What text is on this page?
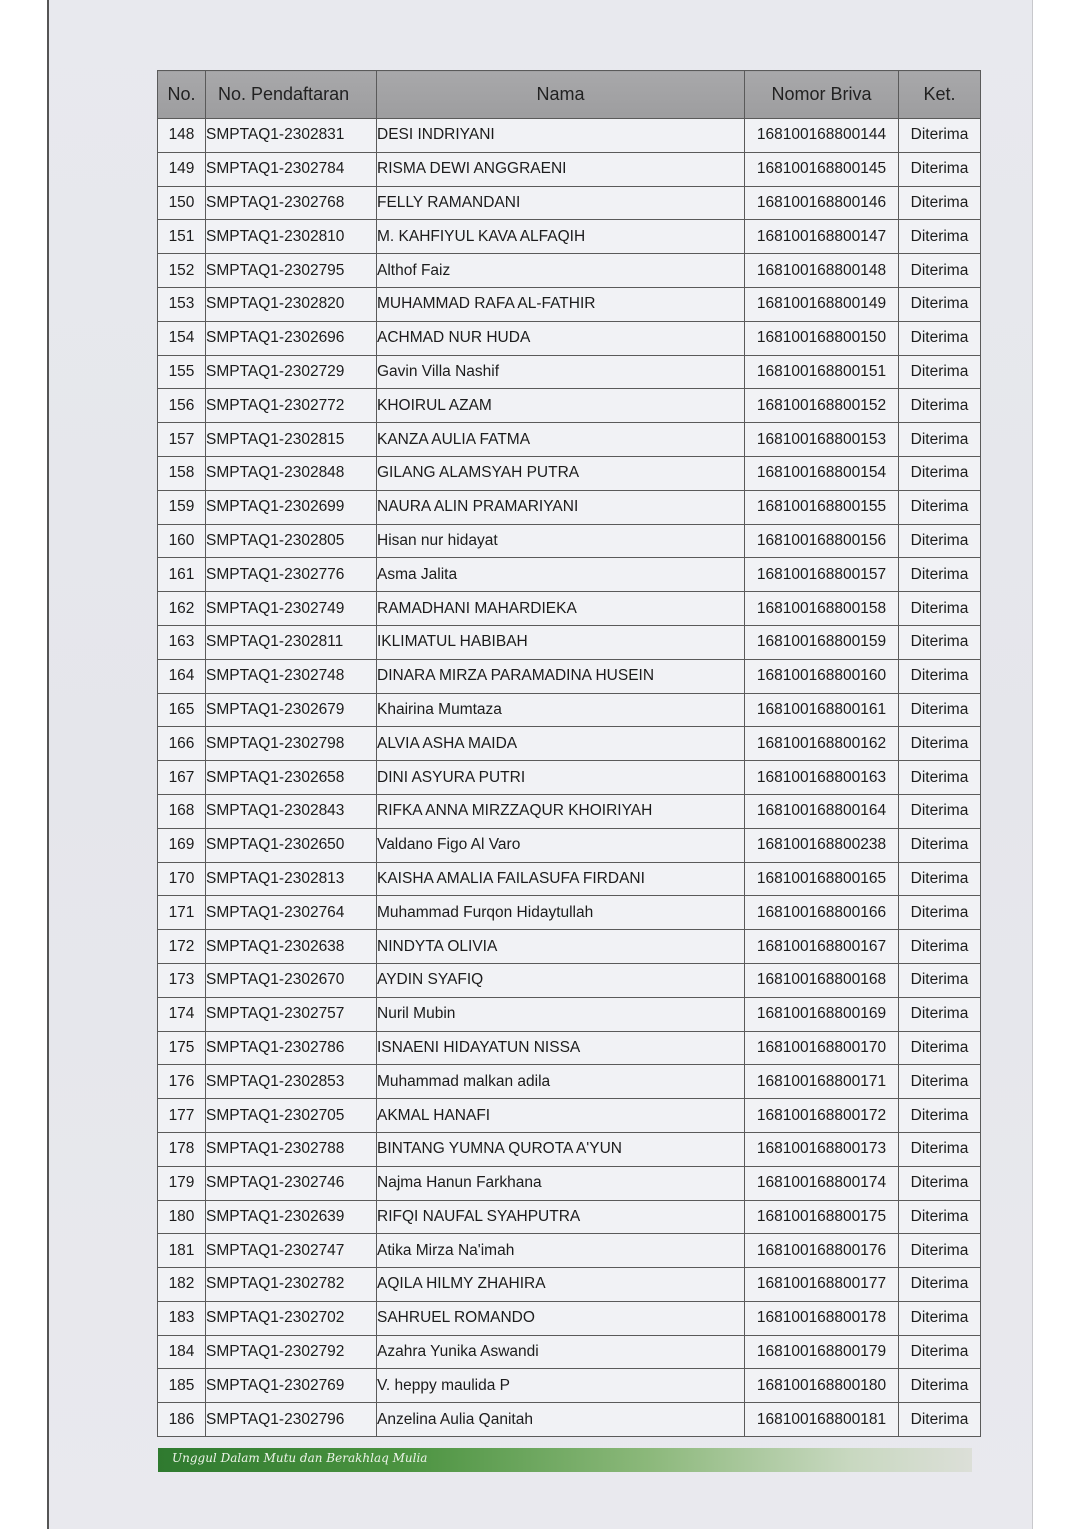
No.	No. Pendaftaran	Nama	Nomor Briva	Ket.
148	SMPTAQ1-2302831	DESI INDRIYANI	168100168800144	Diterima
149	SMPTAQ1-2302784	RISMA DEWI ANGGRAENI	168100168800145	Diterima
150	SMPTAQ1-2302768	FELLY RAMANDANI	168100168800146	Diterima
151	SMPTAQ1-2302810	M. KAHFIYUL KAVA ALFAQIH	168100168800147	Diterima
152	SMPTAQ1-2302795	Althof Faiz	168100168800148	Diterima
153	SMPTAQ1-2302820	MUHAMMAD RAFA AL-FATHIR	168100168800149	Diterima
154	SMPTAQ1-2302696	ACHMAD NUR HUDA	168100168800150	Diterima
155	SMPTAQ1-2302729	Gavin Villa Nashif	168100168800151	Diterima
156	SMPTAQ1-2302772	KHOIRUL AZAM	168100168800152	Diterima
157	SMPTAQ1-2302815	KANZA AULIA FATMA	168100168800153	Diterima
158	SMPTAQ1-2302848	GILANG ALAMSYAH PUTRA	168100168800154	Diterima
159	SMPTAQ1-2302699	NAURA ALIN PRAMARIYANI	168100168800155	Diterima
160	SMPTAQ1-2302805	Hisan nur hidayat	168100168800156	Diterima
161	SMPTAQ1-2302776	Asma Jalita	168100168800157	Diterima
162	SMPTAQ1-2302749	RAMADHANI MAHARDIEKA	168100168800158	Diterima
163	SMPTAQ1-2302811	IKLIMATUL HABIBAH	168100168800159	Diterima
164	SMPTAQ1-2302748	DINARA MIRZA PARAMADINA HUSEIN	168100168800160	Diterima
165	SMPTAQ1-2302679	Khairina Mumtaza	168100168800161	Diterima
166	SMPTAQ1-2302798	ALVIA ASHA MAIDA	168100168800162	Diterima
167	SMPTAQ1-2302658	DINI ASYURA PUTRI	168100168800163	Diterima
168	SMPTAQ1-2302843	RIFKA ANNA MIRZZAQUR KHOIRIYAH	168100168800164	Diterima
169	SMPTAQ1-2302650	Valdano Figo Al Varo	168100168800238	Diterima
170	SMPTAQ1-2302813	KAISHA AMALIA FAILASUFA FIRDANI	168100168800165	Diterima
171	SMPTAQ1-2302764	Muhammad Furqon Hidaytullah	168100168800166	Diterima
172	SMPTAQ1-2302638	NINDYTA OLIVIA	168100168800167	Diterima
173	SMPTAQ1-2302670	AYDIN SYAFIQ	168100168800168	Diterima
174	SMPTAQ1-2302757	Nuril Mubin	168100168800169	Diterima
175	SMPTAQ1-2302786	ISNAENI HIDAYATUN NISSA	168100168800170	Diterima
176	SMPTAQ1-2302853	Muhammad malkan adila	168100168800171	Diterima
177	SMPTAQ1-2302705	AKMAL HANAFI	168100168800172	Diterima
178	SMPTAQ1-2302788	BINTANG YUMNA QUROTA A'YUN	168100168800173	Diterima
179	SMPTAQ1-2302746	Najma Hanun Farkhana	168100168800174	Diterima
180	SMPTAQ1-2302639	RIFQI NAUFAL SYAHPUTRA	168100168800175	Diterima
181	SMPTAQ1-2302747	Atika Mirza Na'imah	168100168800176	Diterima
182	SMPTAQ1-2302782	AQILA HILMY ZHAHIRA	168100168800177	Diterima
183	SMPTAQ1-2302702	SAHRUEL ROMANDO	168100168800178	Diterima
184	SMPTAQ1-2302792	Azahra Yunika Aswandi	168100168800179	Diterima
185	SMPTAQ1-2302769	V. heppy maulida P	168100168800180	Diterima
186	SMPTAQ1-2302796	Anzelina Aulia Qanitah	168100168800181	Diterima
Unggul Dalam Mutu dan Berakhlaq Mulia
